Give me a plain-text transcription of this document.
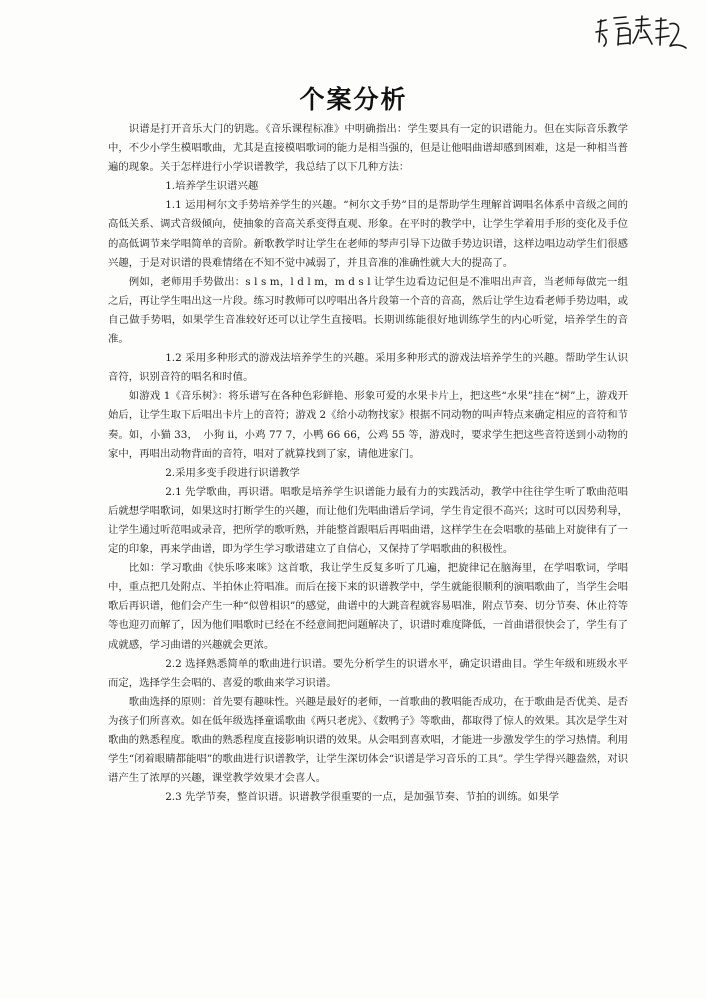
个案分析

识谱是打开音乐大门的钥匙。《音乐课程标准》中明确指出：学生要具有一定的识谱能力。但在实际音乐教学中，不少小学生模唱歌曲，尤其是直接模唱歌词的能力是相当强的，但是让他唱曲谱却感到困难，这是一种相当普遍的现象。关于怎样进行小学识谱教学，我总结了以下几种方法：

1.培养学生识谱兴趣

1.1 运用柯尔文手势培养学生的兴趣。“柯尔文手势”目的是帮助学生理解首调唱名体系中音级之间的高低关系、调式音级倾向，使抽象的音高关系变得直观、形象。在平时的教学中，让学生学着用手形的变化及手位的高低调节来学唱简单的音阶。新歌教学时让学生在老师的琴声引导下边做手势边识谱，这样边唱边动学生们很感兴趣，于是对识谱的畏难情绪在不知不觉中减弱了，并且音准的准确性就大大的提高了。

例如，老师用手势做出：s l s m，l d l m，m d s l 让学生边看边记但是不准唱出声音，当老师每做完一组之后，再让学生唱出这一片段。练习时教师可以哼唱出各片段第一个音的音高，然后让学生边看老师手势边唱，或自己做手势唱，如果学生音准较好还可以让学生直接唱。长期训练能很好地训练学生的内心听觉，培养学生的音准。

1.2 采用多种形式的游戏法培养学生的兴趣。采用多种形式的游戏法培养学生的兴趣。帮助学生认识音符，识别音符的唱名和时值。

如游戏 1《音乐树》：将乐谱写在各种色彩鲜艳、形象可爱的水果卡片上，把这些“水果”挂在“树”上，游戏开始后，让学生取下后唱出卡片上的音符；游戏 2《给小动物找家》根据不同动物的叫声特点来确定相应的音符和节奏。如，小猫 33，　小狗 ii，小鸡 77 7，小鸭 66 66，公鸡 55 等，游戏时，要求学生把这些音符送到小动物的家中，再唱出动物背面的音符，唱对了就算找到了家，请他进家门。

2.采用多变手段进行识谱教学

2.1 先学歌曲，再识谱。唱歌是培养学生识谱能力最有力的实践活动，教学中往往学生听了歌曲范唱后就想学唱歌词，如果这时打断学生的兴趣，而让他们先唱曲谱后学词，学生肯定很不高兴；这时可以因势利导，让学生通过听范唱或录音，把所学的歌听熟，并能整首跟唱后再唱曲谱，这样学生在会唱歌的基础上对旋律有了一定的印象，再来学曲谱，即为学生学习歌谱建立了自信心，又保持了学唱歌曲的积极性。

比如：学习歌曲《快乐哆来咪》这首歌，我让学生反复多听了几遍，把旋律记在脑海里，在学唱歌词，学唱中，重点把几处附点、半拍休止符唱准。而后在接下来的识谱教学中，学生就能很顺利的演唱歌曲了，当学生会唱歌后再识谱，他们会产生一种“似曾相识”的感觉，曲谱中的大跳音程就容易唱准，附点节奏、切分节奏、休止符等等也迎刃而解了，因为他们唱歌时已经在不经意间把问题解决了，识谱时难度降低，一首曲谱很快会了，学生有了成就感，学习曲谱的兴趣就会更浓。

2.2 选择熟悉简单的歌曲进行识谱。要先分析学生的识谱水平，确定识谱曲目。学生年级和班级水平而定，选择学生会唱的、喜爱的歌曲来学习识谱。

歌曲选择的原则：首先要有趣味性。兴趣是最好的老师，一首歌曲的教唱能否成功，在于歌曲是否优美、是否为孩子们所喜欢。如在低年级选择童谣歌曲《两只老虎》、《数鸭子》等歌曲，都取得了惊人的效果。其次是学生对歌曲的熟悉程度。歌曲的熟悉程度直接影响识谱的效果。从会唱到喜欢唱，才能进一步激发学生的学习热情。利用学生“闭着眼睛都能唱”的歌曲进行识谱教学，让学生深切体会“识谱是学习音乐的工具”。学生学得兴趣盎然，对识谱产生了浓厚的兴趣，课堂教学效果才会喜人。

2.3 先学节奏，整首识谱。识谱教学很重要的一点，是加强节奏、节拍的训练。如果学
